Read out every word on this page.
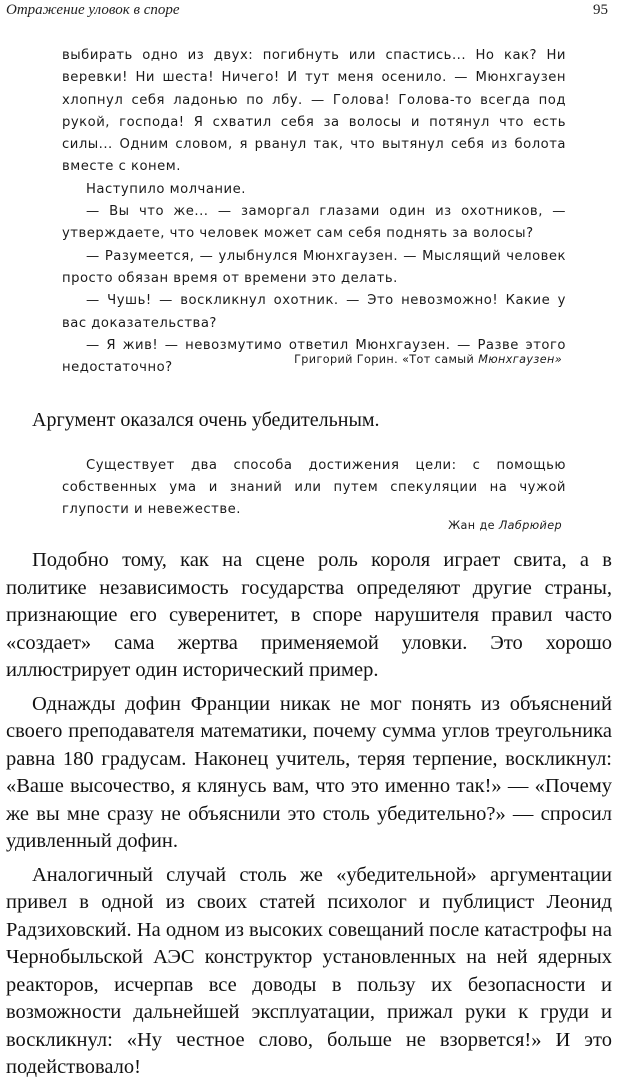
Отражение уловок в споре	95

выбирать одно из двух: погибнуть или спастись... Но как? Ни веревки! Ни шеста! Ничего! И тут меня осенило. — Мюнхгаузен хлопнул себя ладонью по лбу. — Голова! Голова-то всегда под рукой, господа! Я схватил себя за волосы и потянул что есть силы... Одним словом, я рванул так, что вытянул себя из болота вместе с конем.

Наступило молчание.

— Вы что же... — заморгал глазами один из охотников, — утверждаете, что человек может сам себя поднять за волосы?

— Разумеется, — улыбнулся Мюнхгаузен. — Мыслящий человек просто обязан время от времени это делать.

— Чушь! — воскликнул охотник. — Это невозможно! Какие у вас доказательства?

— Я жив! — невозмутимо ответил Мюнхгаузен. — Разве этого недостаточно?

Григорий Горин. «Тот самый Мюнхгаузен»
Аргумент оказался очень убедительным.

Существует два способа достижения цели: с помощью собственных ума и знаний или путем спекуляции на чужой глупости и невежестве.

Жан де Лабрюйер

Подобно тому, как на сцене роль короля играет свита, а в политике независимость государства определяют другие страны, признающие его суверенитет, в споре нарушителя правил часто «создает» сама жертва применяемой уловки. Это хорошо иллюстрирует один исторический пример.

Однажды дофин Франции никак не мог понять из объяснений своего преподавателя математики, почему сумма углов треугольника равна 180 градусам. Наконец учитель, теряя терпение, воскликнул: «Ваше высочество, я клянусь вам, что это именно так!» — «Почему же вы мне сразу не объяснили это столь убедительно?» — спросил удивленный дофин.

Аналогичный случай столь же «убедительной» аргументации привел в одной из своих статей психолог и публицист Леонид Радзиховский. На одном из высоких совещаний после катастрофы на Чернобыльской АЭС конструктор установленных на ней ядерных реакторов, исчерпав все доводы в пользу их безопасности и возможности дальнейшей эксплуатации, прижал руки к груди и воскликнул: «Ну честное слово, больше не взорвется!» И это подействовало!
